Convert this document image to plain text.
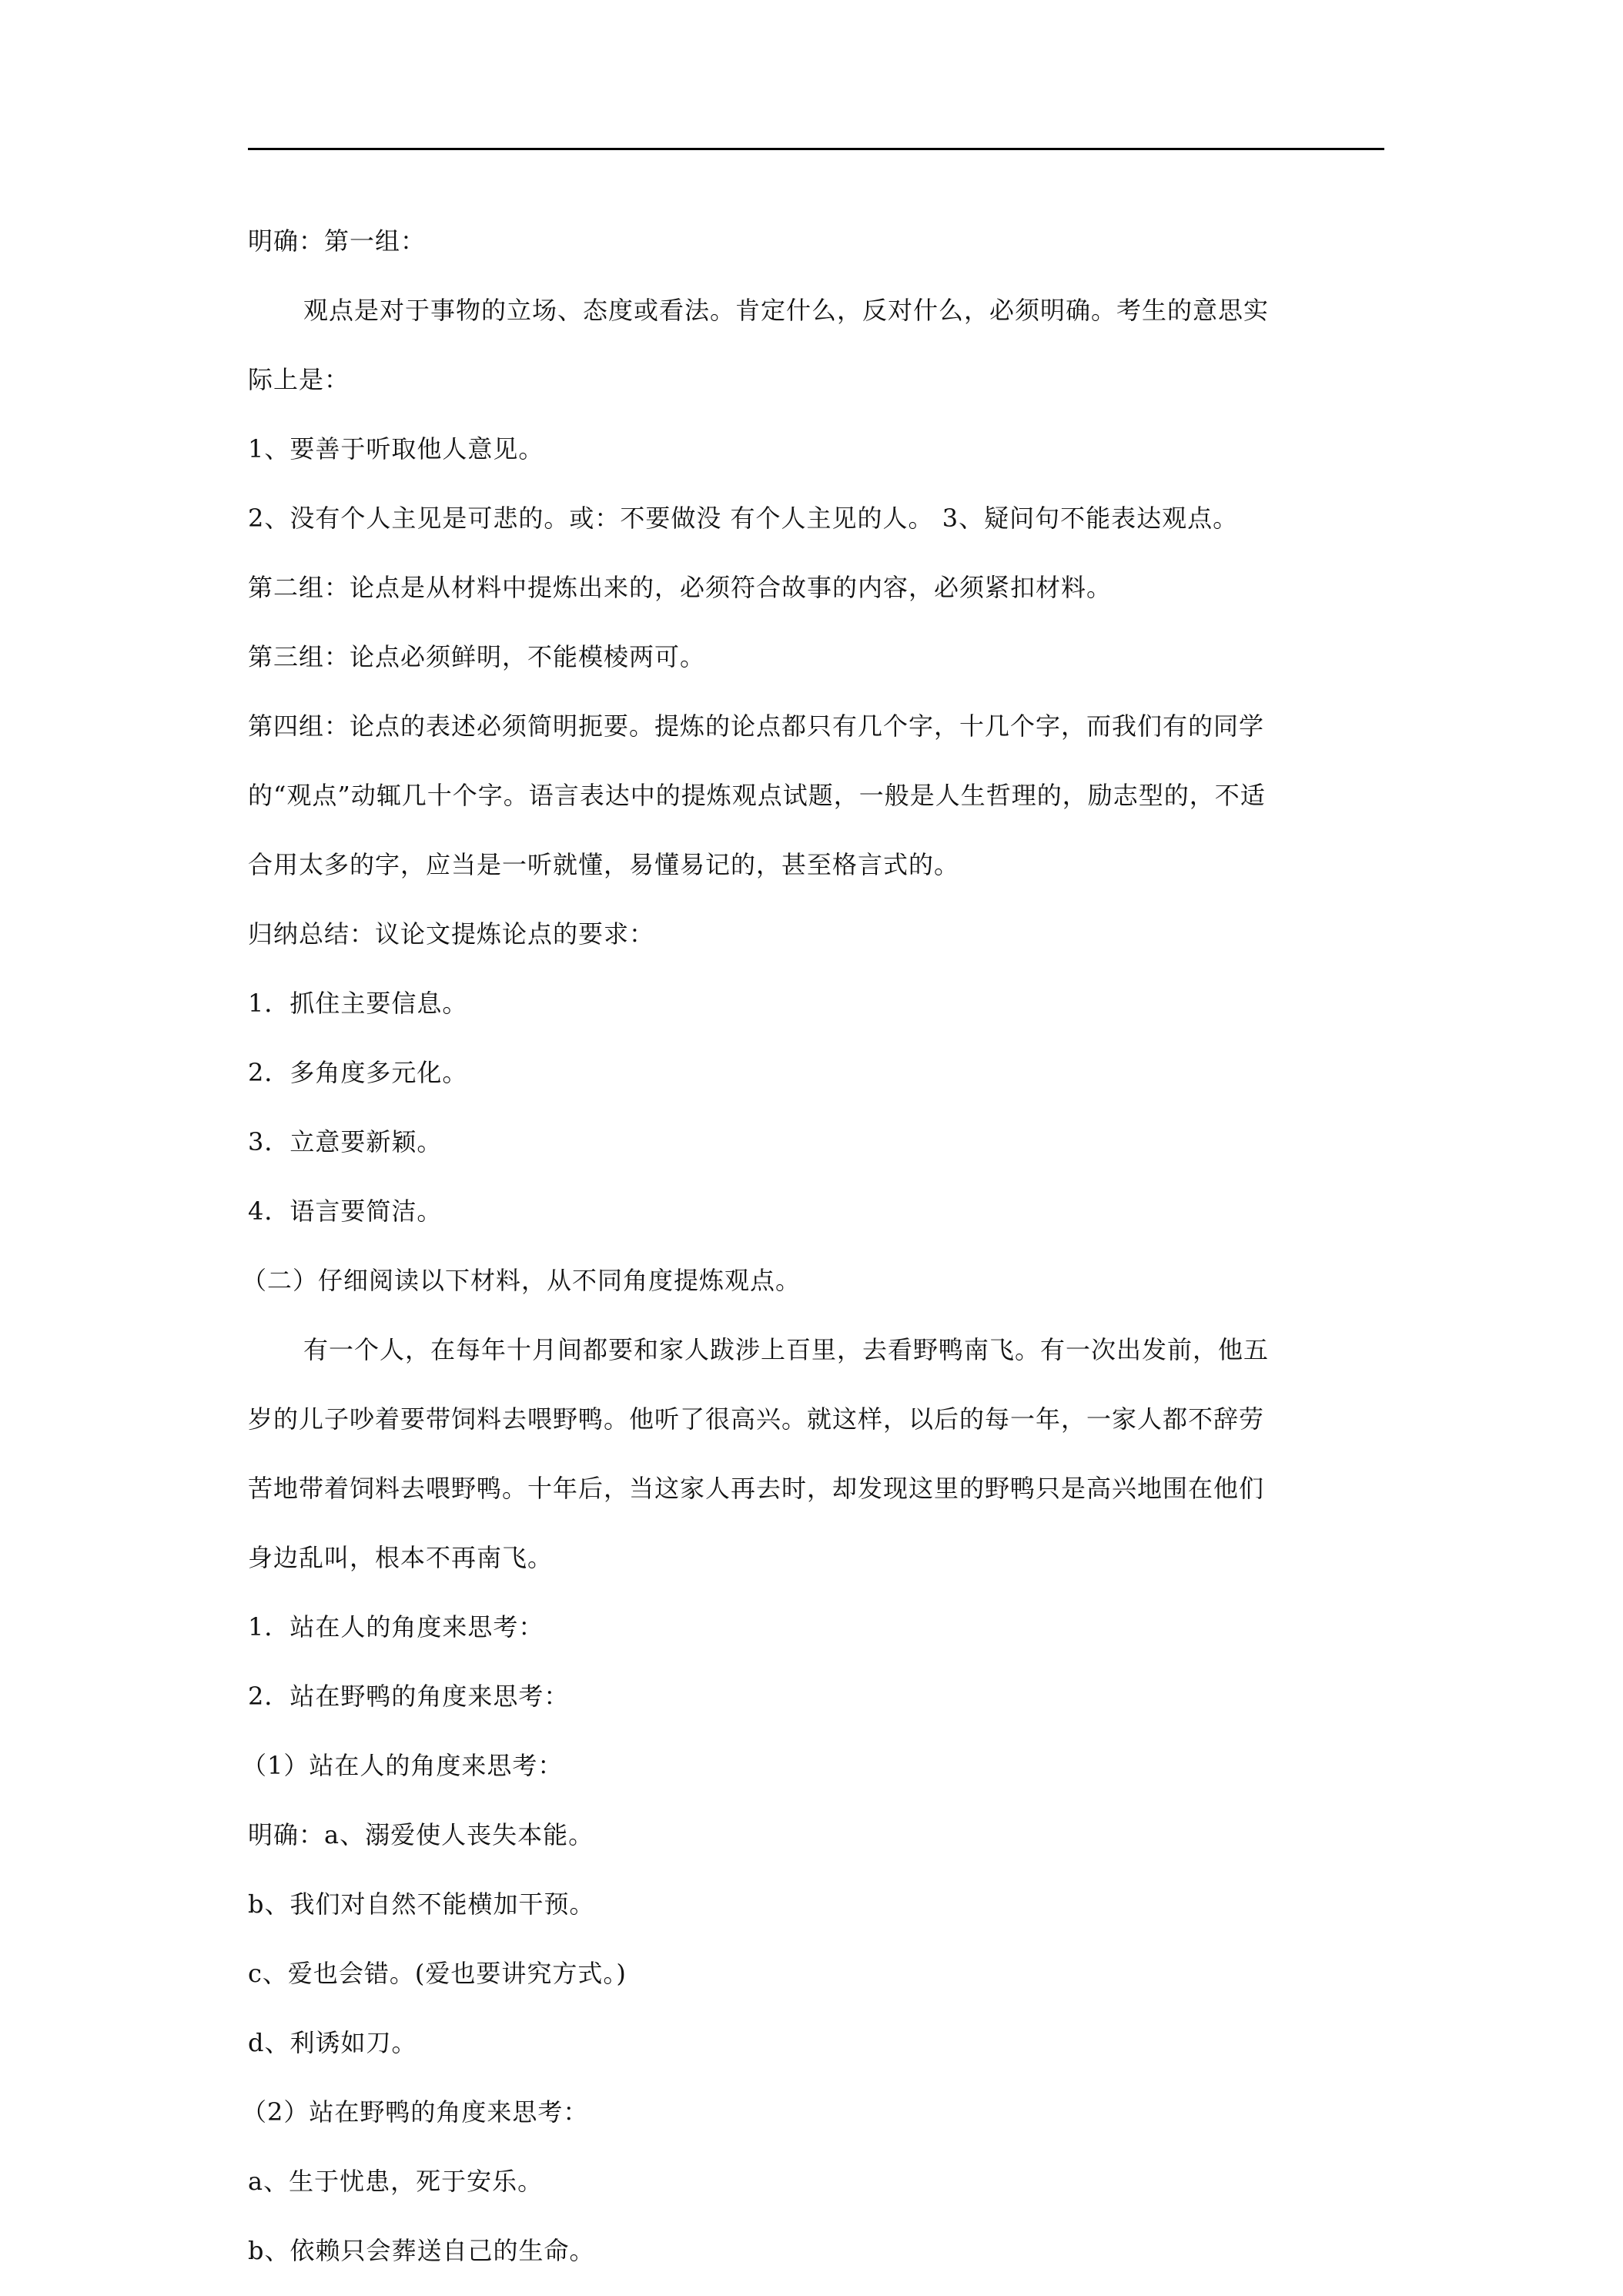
明确：第一组：
观点是对于事物的立场、态度或看法。肯定什么，反对什么，必须明确。考生的意思实
际上是：
1、要善于听取他人意见。
2、没有个人主见是可悲的。或：不要做没 有个人主见的人。 3、疑问句不能表达观点。
第二组：论点是从材料中提炼出来的，必须符合故事的内容，必须紧扣材料。
第三组：论点必须鲜明，不能模棱两可。
第四组：论点的表述必须简明扼要。提炼的论点都只有几个字，十几个字，而我们有的同学
的“观点”动辄几十个字。语言表达中的提炼观点试题，一般是人生哲理的，励志型的，不适
合用太多的字，应当是一听就懂，易懂易记的，甚至格言式的。
归纳总结：议论文提炼论点的要求：
1．抓住主要信息。
2．多角度多元化。
3．立意要新颖。
4．语言要简洁。
（二）仔细阅读以下材料，从不同角度提炼观点。
有一个人，在每年十月间都要和家人跋涉上百里，去看野鸭南飞。有一次出发前，他五
岁的儿子吵着要带饲料去喂野鸭。他听了很高兴。就这样，以后的每一年，一家人都不辞劳
苦地带着饲料去喂野鸭。十年后，当这家人再去时，却发现这里的野鸭只是高兴地围在他们
身边乱叫，根本不再南飞。
1．站在人的角度来思考：
2．站在野鸭的角度来思考：
（1）站在人的角度来思考：
明确：a、溺爱使人丧失本能。
b、我们对自然不能横加干预。
c、爱也会错。(爱也要讲究方式。)
d、利诱如刀。
（2）站在野鸭的角度来思考：
a、生于忧患，死于安乐。
b、依赖只会葬送自己的生命。
